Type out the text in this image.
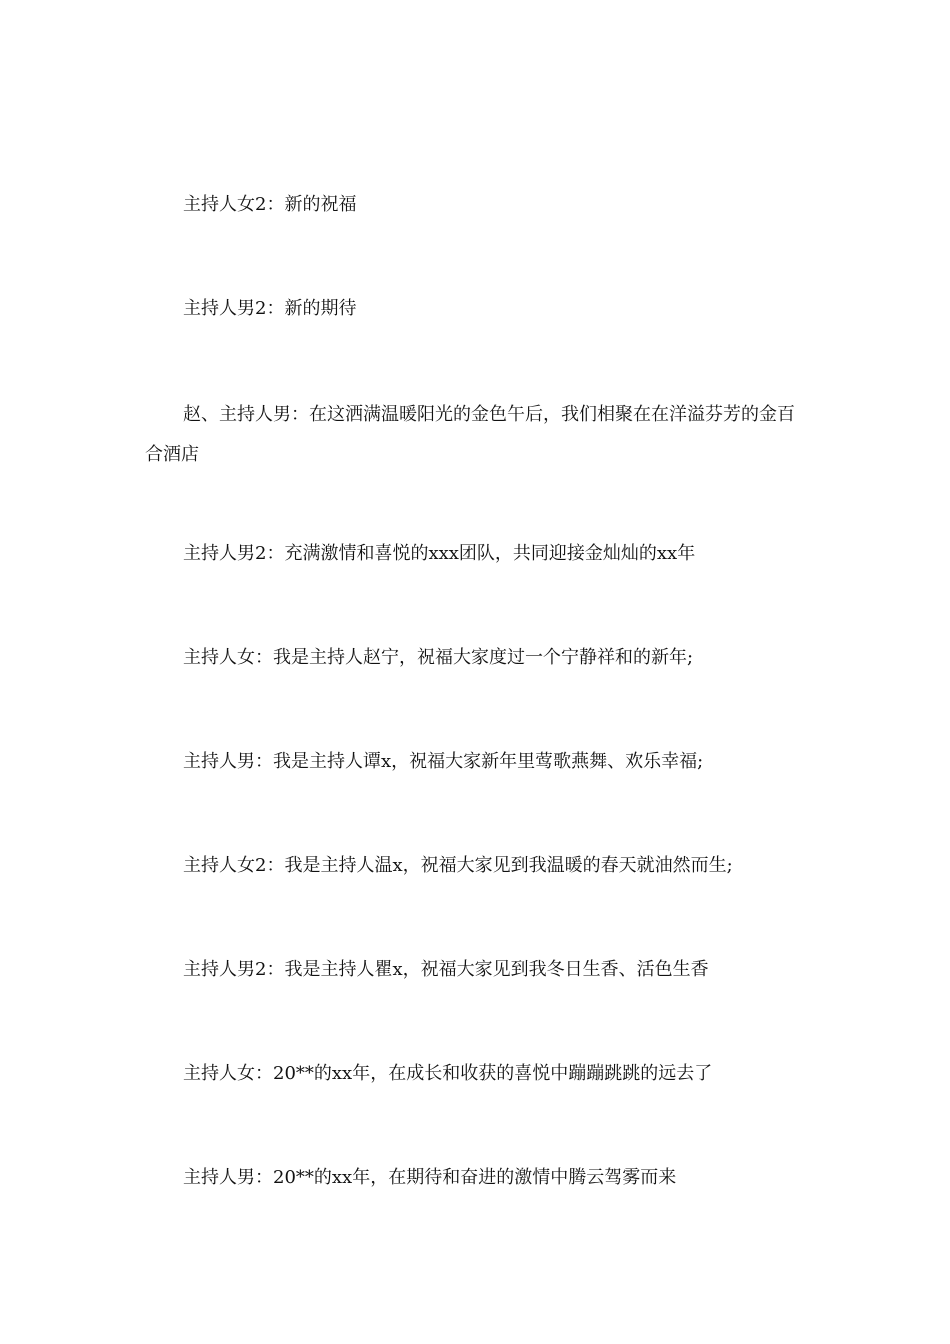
主持人女2：新的祝福

主持人男2：新的期待

赵、主持人男：在这洒满温暖阳光的金色午后，我们相聚在在洋溢芬芳的金百合酒店

主持人男2：充满激情和喜悦的xxx团队，共同迎接金灿灿的xx年

主持人女：我是主持人赵宁，祝福大家度过一个宁静祥和的新年;

主持人男：我是主持人谭x，祝福大家新年里莺歌燕舞、欢乐幸福;

主持人女2：我是主持人温x，祝福大家见到我温暖的春天就油然而生;

主持人男2：我是主持人瞿x，祝福大家见到我冬日生香、活色生香

主持人女：20**的xx年，在成长和收获的喜悦中蹦蹦跳跳的远去了

主持人男：20**的xx年，在期待和奋进的激情中腾云驾雾而来
